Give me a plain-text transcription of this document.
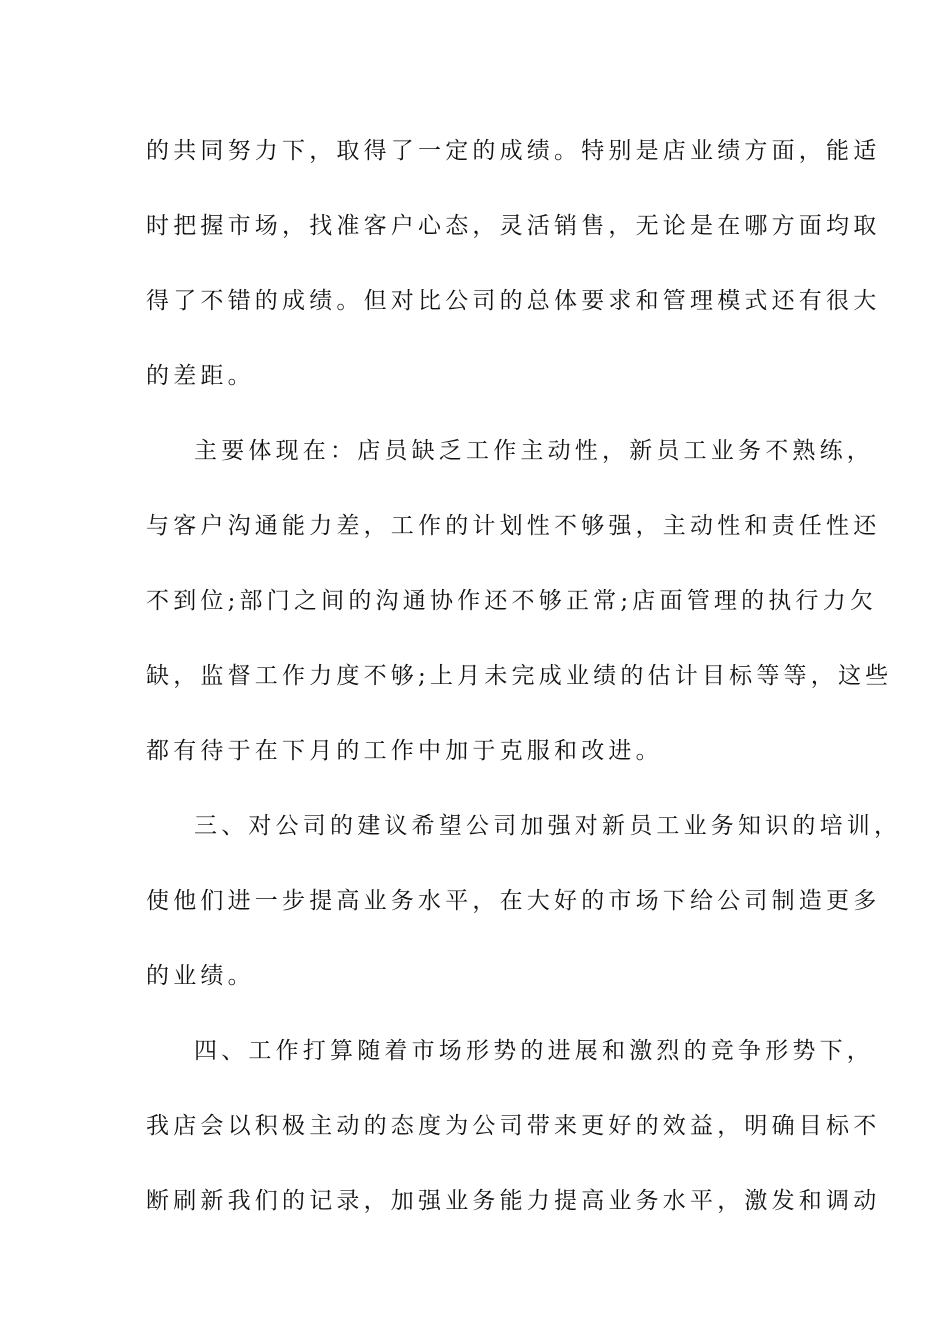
的共同努力下，取得了一定的成绩。特别是店业绩方面，能适
时把握市场，找准客户心态，灵活销售，无论是在哪方面均取
得了不错的成绩。但对比公司的总体要求和管理模式还有很大
的差距。
主要体现在：店员缺乏工作主动性，新员工业务不熟练，
与客户沟通能力差，工作的计划性不够强，主动性和责任性还
不到位;部门之间的沟通协作还不够正常;店面管理的执行力欠
缺，监督工作力度不够;上月未完成业绩的估计目标等等，这些
都有待于在下月的工作中加于克服和改进。
三、对公司的建议希望公司加强对新员工业务知识的培训，
使他们进一步提高业务水平，在大好的市场下给公司制造更多
的业绩。
四、工作打算随着市场形势的进展和激烈的竞争形势下，
我店会以积极主动的态度为公司带来更好的效益，明确目标不
断刷新我们的记录，加强业务能力提高业务水平，激发和调动
